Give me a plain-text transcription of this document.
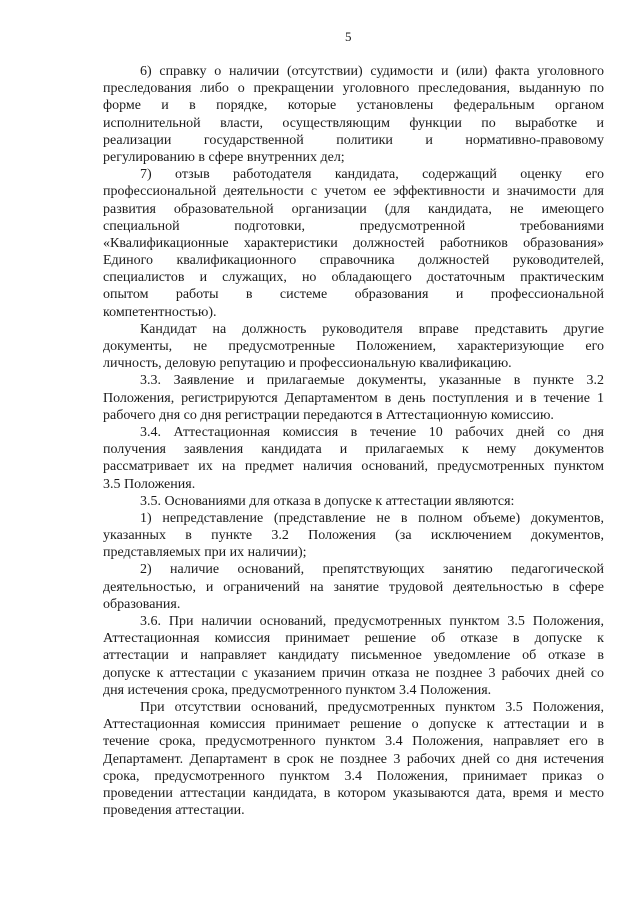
5
6) справку о наличии (отсутствии) судимости и (или) факта уголовного
преследования либо о прекращении уголовного преследования, выданную по
форме и в порядке, которые установлены федеральным органом
исполнительной власти, осуществляющим функции по выработке и
реализации государственной политики и нормативно-правовому
регулированию в сфере внутренних дел;
7) отзыв работодателя кандидата, содержащий оценку его
профессиональной деятельности с учетом ее эффективности и значимости для
развития образовательной организации (для кандидата, не имеющего
специальной подготовки, предусмотренной требованиями
«Квалификационные характеристики должностей работников образования»
Единого квалификационного справочника должностей руководителей,
специалистов и служащих, но обладающего достаточным практическим
опытом работы в системе образования и профессиональной
компетентностью).
Кандидат на должность руководителя вправе представить другие
документы, не предусмотренные Положением, характеризующие его
личность, деловую репутацию и профессиональную квалификацию.
3.3. Заявление и прилагаемые документы, указанные в пункте 3.2
Положения, регистрируются Департаментом в день поступления и в течение 1
рабочего дня со дня регистрации передаются в Аттестационную комиссию.
3.4. Аттестационная комиссия в течение 10 рабочих дней со дня
получения заявления кандидата и прилагаемых к нему документов
рассматривает их на предмет наличия оснований, предусмотренных пунктом
3.5 Положения.
3.5. Основаниями для отказа в допуске к аттестации являются:
1) непредставление (представление не в полном объеме) документов,
указанных в пункте 3.2 Положения (за исключением документов,
представляемых при их наличии);
2) наличие оснований, препятствующих занятию педагогической
деятельностью, и ограничений на занятие трудовой деятельностью в сфере
образования.
3.6. При наличии оснований, предусмотренных пунктом 3.5 Положения,
Аттестационная комиссия принимает решение об отказе в допуске к
аттестации и направляет кандидату письменное уведомление об отказе в
допуске к аттестации с указанием причин отказа не позднее 3 рабочих дней со
дня истечения срока, предусмотренного пунктом 3.4 Положения.
При отсутствии оснований, предусмотренных пунктом 3.5 Положения,
Аттестационная комиссия принимает решение о допуске к аттестации и в
течение срока, предусмотренного пунктом 3.4 Положения, направляет его в
Департамент. Департамент в срок не позднее 3 рабочих дней со дня истечения
срока, предусмотренного пунктом 3.4 Положения, принимает приказ о
проведении аттестации кандидата, в котором указываются дата, время и место
проведения аттестации.
